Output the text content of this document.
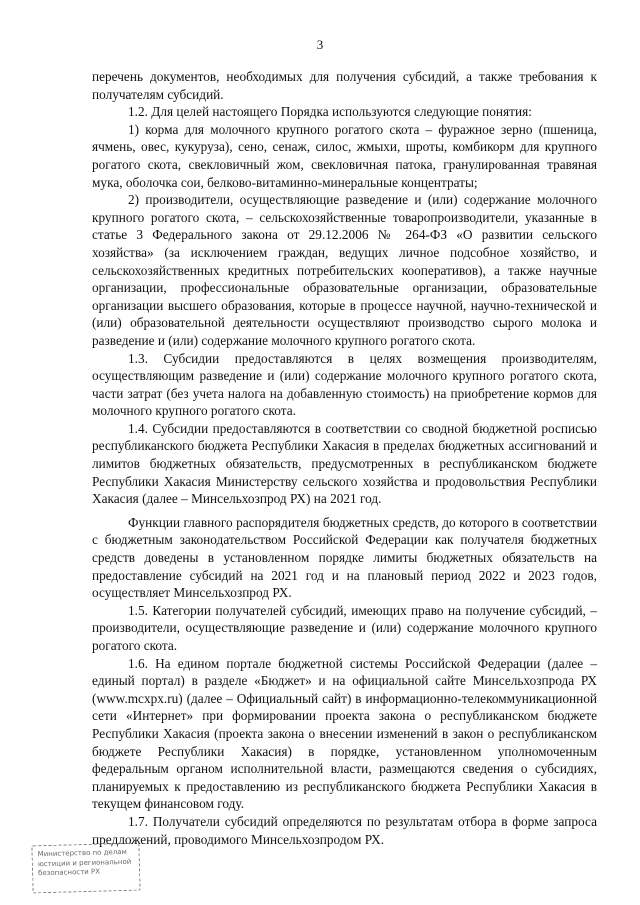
3

перечень документов, необходимых для получения субсидий, а также требования к получателям субсидий.

1.2. Для целей настоящего Порядка используются следующие понятия:

1) корма для молочного крупного рогатого скота – фуражное зерно (пшеница, ячмень, овес, кукуруза), сено, сенаж, силос, жмыхи, шроты, комбикорм для крупного рогатого скота, свекловичный жом, свекловичная патока, гранулированная травяная мука, оболочка сои, белково-витаминно-минеральные концентраты;

2) производители, осуществляющие разведение и (или) содержание молочного крупного рогатого скота, – сельскохозяйственные товаропроизводители, указанные в статье 3 Федерального закона от 29.12.2006 № 264-ФЗ «О развитии сельского хозяйства» (за исключением граждан, ведущих личное подсобное хозяйство, и сельскохозяйственных кредитных потребительских кооперативов), а также научные организации, профессиональные образовательные организации, образовательные организации высшего образования, которые в процессе научной, научно-технической и (или) образовательной деятельности осуществляют производство сырого молока и разведение и (или) содержание молочного крупного рогатого скота.

1.3. Субсидии предоставляются в целях возмещения производителям, осуществляющим разведение и (или) содержание молочного крупного рогатого скота, части затрат (без учета налога на добавленную стоимость) на приобретение кормов для молочного крупного рогатого скота.

1.4. Субсидии предоставляются в соответствии со сводной бюджетной росписью республиканского бюджета Республики Хакасия в пределах бюджетных ассигнований и лимитов бюджетных обязательств, предусмотренных в республиканском бюджете Республики Хакасия Министерству сельского хозяйства и продовольствия Республики Хакасия (далее – Минсельхозпрод РХ) на 2021 год.

Функции главного распорядителя бюджетных средств, до которого в соответствии с бюджетным законодательством Российской Федерации как получателя бюджетных средств доведены в установленном порядке лимиты бюджетных обязательств на предоставление субсидий на 2021 год и на плановый период 2022 и 2023 годов, осуществляет Минсельхозпрод РХ.

1.5. Категории получателей субсидий, имеющих право на получение субсидий, – производители, осуществляющие разведение и (или) содержание молочного крупного рогатого скота.

1.6. На едином портале бюджетной системы Российской Федерации (далее – единый портал) в разделе «Бюджет» и на официальной сайте Минсельхозпрода РХ (www.mcxpx.ru) (далее – Официальный сайт) в информационно-телекоммуникационной сети «Интернет» при формировании проекта закона о республиканском бюджете Республики Хакасия (проекта закона о внесении изменений в закон о республиканском бюджете Республики Хакасия) в порядке, установленном уполномоченным федеральным органом исполнительной власти, размещаются сведения о субсидиях, планируемых к предоставлению из республиканского бюджета Республики Хакасия в текущем финансовом году.

1.7. Получатели субсидий определяются по результатам отбора в форме запроса предложений, проводимого Минсельхозпродом РХ.

Министерство по делам
юстиции и региональной
безопасности РХ
